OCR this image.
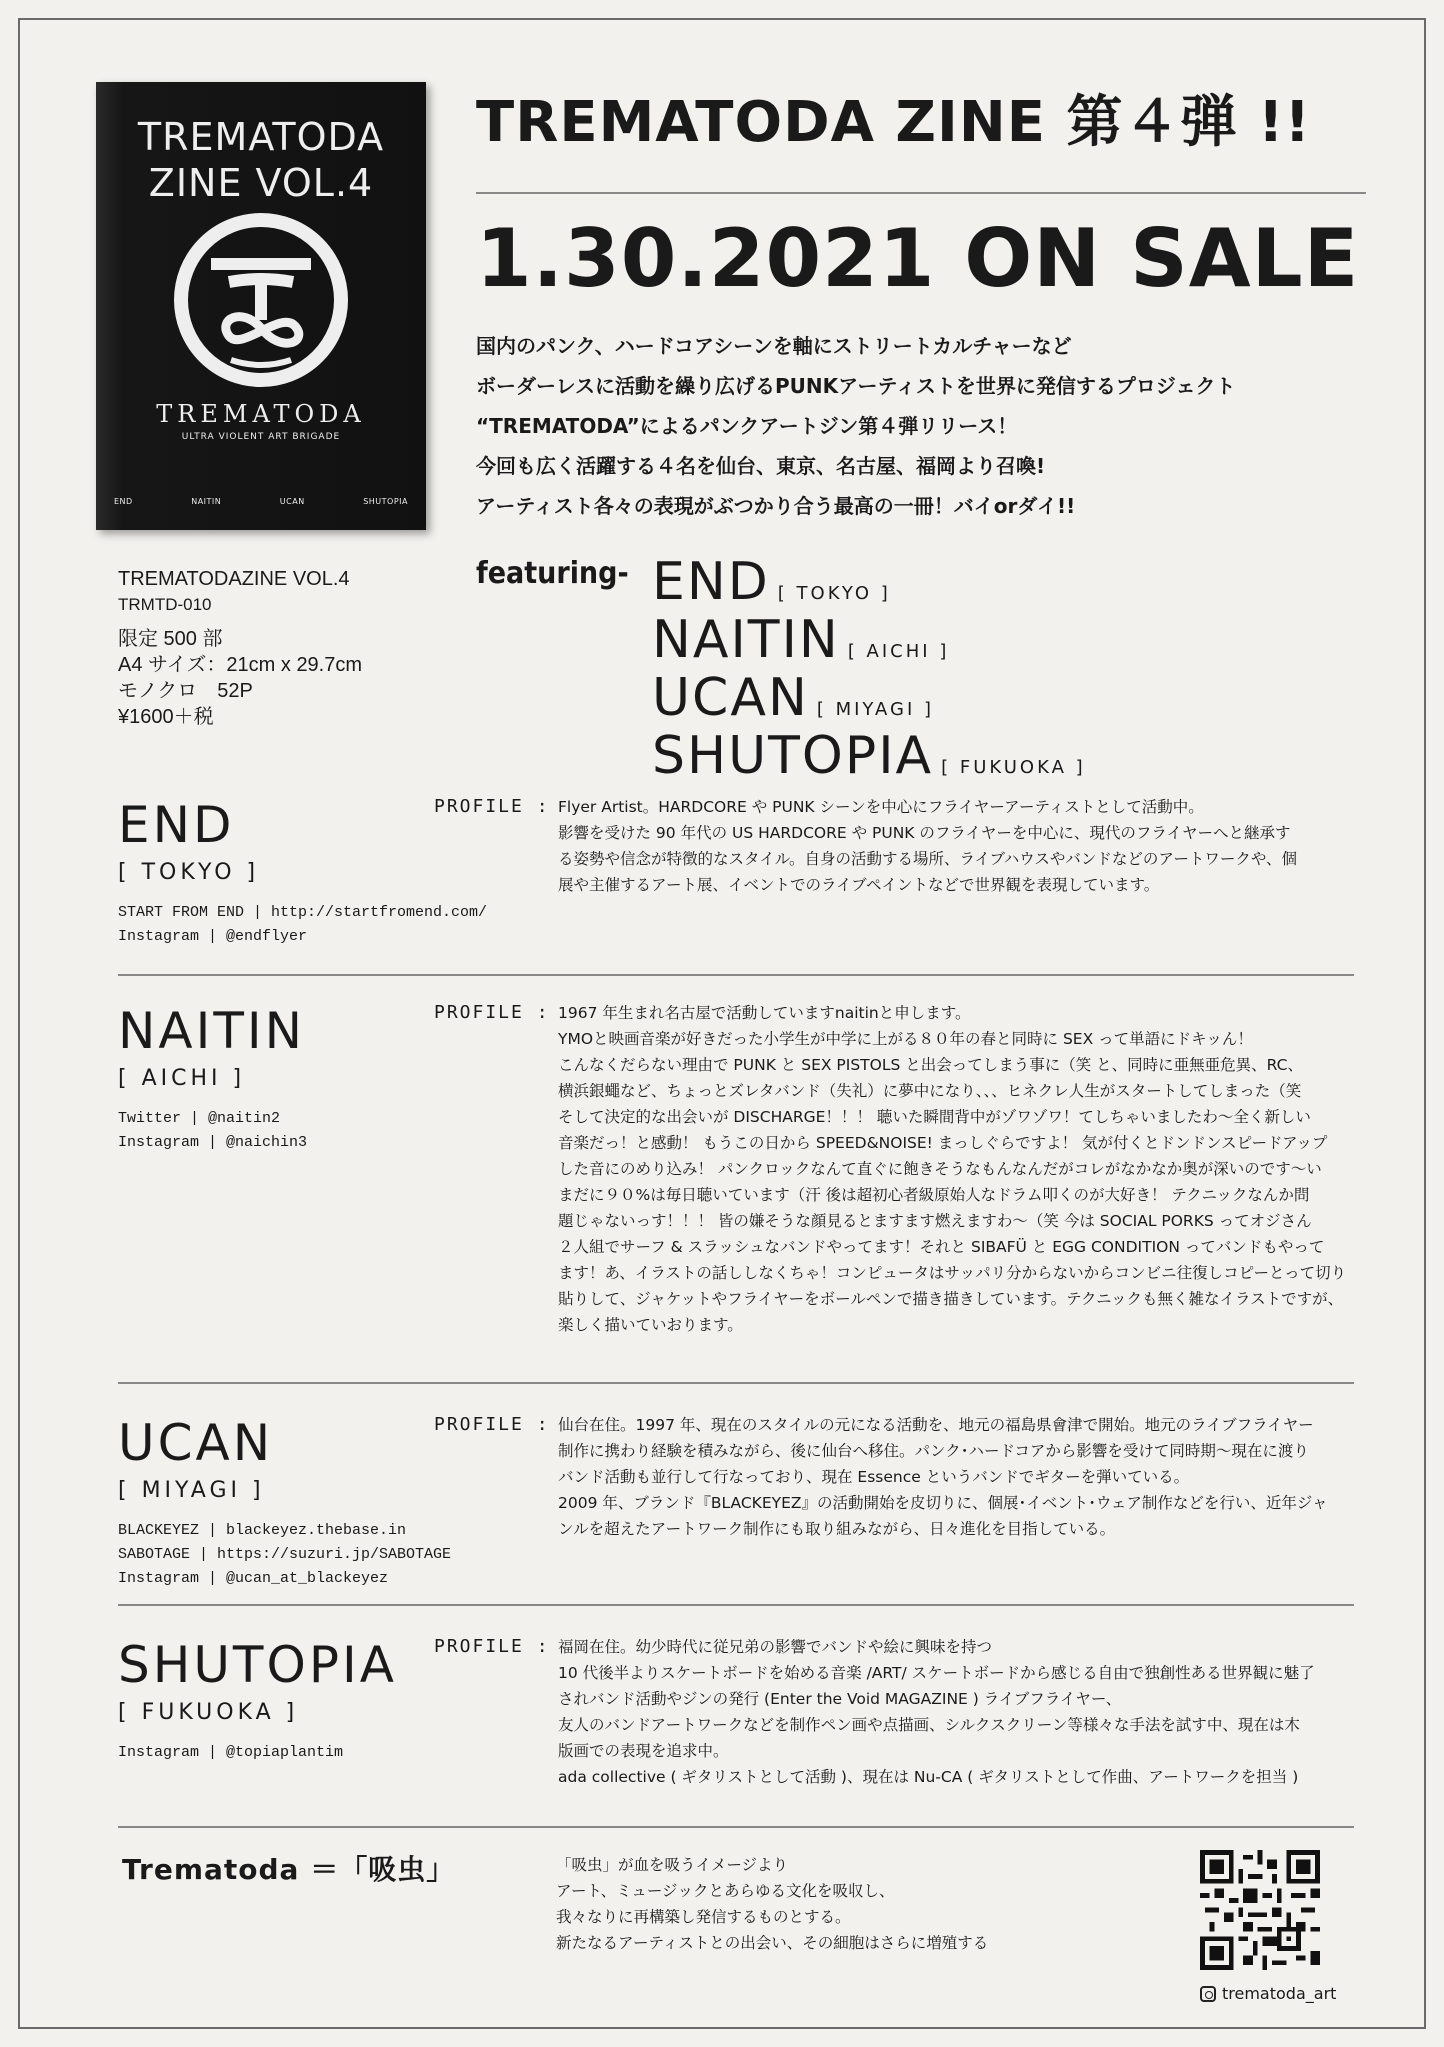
TREMATODA
ZINE VOL.4
TREMATODA
ULTRA VIOLENT ART BRIGADE
END	NAITIN	UCAN	SHUTOPIA
TREMATODAZINE VOL.4
TRMTD-010
限定 500 部
A4 サイズ：21cm x 29.7cm
モノクロ　52P
¥1600＋税
TREMATODA ZINE 第４弾 !!
1.30.2021 ON SALE
国内のパンク、ハードコアシーンを軸にストリートカルチャーなど
ボーダーレスに活動を繰り広げるPUNKアーティストを世界に発信するプロジェクト
“TREMATODA”によるパンクアートジン第４弾リリース！
今回も広く活躍する４名を仙台、東京、名古屋、福岡より召喚!
アーティスト各々の表現がぶつかり合う最高の一冊！バイorダイ!!
featuring- END [ TOKYO ]
NAITIN [ AICHI ]
UCAN [ MIYAGI ]
SHUTOPIA [ FUKUOKA ]
END
[ TOKYO ]
START FROM END | http://startfromend.com/
Instagram | @endflyer
PROFILE : Flyer Artist。HARDCORE や PUNK シーンを中心にフライヤーアーティストとして活動中。
影響を受けた 90 年代の US HARDCORE や PUNK のフライヤーを中心に、現代のフライヤーへと継承す
る姿勢や信念が特徴的なスタイル。自身の活動する場所、ライブハウスやバンドなどのアートワークや、個
展や主催するアート展、イベントでのライブペイントなどで世界観を表現しています。
NAITIN
[ AICHI ]
Twitter | @naitin2
Instagram | @naichin3
PROFILE : 1967 年生まれ名古屋で活動していますnaitinと申します。
YMOと映画音楽が好きだった小学生が中学に上がる８０年の春と同時に SEX って単語にドキッん！
こんなくだらない理由で PUNK と SEX PISTOLS と出会ってしまう事に（笑 と、同時に亜無亜危異、RC、
横浜銀蠅など、ちょっとズレタバンド（失礼）に夢中になり、、、ヒネクレ人生がスタートしてしまった（笑
そして決定的な出会いが DISCHARGE！！！ 聴いた瞬間背中がゾワゾワ！てしちゃいましたわ〜全く新しい
音楽だっ！と感動！ もうこの日から SPEED&NOISE! まっしぐらですよ！ 気が付くとドンドンスピードアップ
した音にのめり込み！ パンクロックなんて直ぐに飽きそうなもんなんだがコレがなかなか奥が深いのです〜い
まだに９０%は毎日聴いています（汗 後は超初心者級原始人なドラム叩くのが大好き！ テクニックなんか問
題じゃないっす！！！ 皆の嫌そうな顔見るとますます燃えますわ〜（笑 今は SOCIAL PORKS ってオジさん
２人組でサーフ & スラッシュなバンドやってます！それと SIBAFÜ と EGG CONDITION ってバンドもやって
ます！あ、イラストの話ししなくちゃ！コンピュータはサッパリ分からないからコンビニ往復しコピーとって切り
貼りして、ジャケットやフライヤーをボールペンで描き描きしています。テクニックも無く雑なイラストですが、
楽しく描いていおります。
UCAN
[ MIYAGI ]
BLACKEYEZ | blackeyez.thebase.in
SABOTAGE | https://suzuri.jp/SABOTAGE
Instagram | @ucan_at_blackeyez
PROFILE : 仙台在住。1997 年、現在のスタイルの元になる活動を、地元の福島県會津で開始。地元のライブフライヤー
制作に携わり経験を積みながら、後に仙台へ移住。パンク･ハードコアから影響を受けて同時期〜現在に渡り
バンド活動も並行して行なっており、現在 Essence というバンドでギターを弾いている。
2009 年、ブランド『BLACKEYEZ』の活動開始を皮切りに、個展･イベント･ウェア制作などを行い、近年ジャ
ンルを超えたアートワーク制作にも取り組みながら、日々進化を目指している。
SHUTOPIA
[ FUKUOKA ]
Instagram | @topiaplantim
PROFILE : 福岡在住。幼少時代に従兄弟の影響でバンドや絵に興味を持つ
10 代後半よりスケートボードを始める音楽 /ART/ スケートボードから感じる自由で独創性ある世界観に魅了
されバンド活動やジンの発行 (Enter the Void MAGAZINE ) ライブフライヤー、
友人のバンドアートワークなどを制作ペン画や点描画、シルクスクリーン等様々な手法を試す中、現在は木
版画での表現を追求中。
ada collective ( ギタリストとして活動 )、現在は Nu-CA ( ギタリストとして作曲、アートワークを担当 )
Trematoda ＝「吸虫」	「吸虫」が血を吸うイメージより
アート、ミュージックとあらゆる文化を吸収し、
我々なりに再構築し発信するものとする。
新たなるアーティストとの出会い、その細胞はさらに増殖する
trematoda_art
